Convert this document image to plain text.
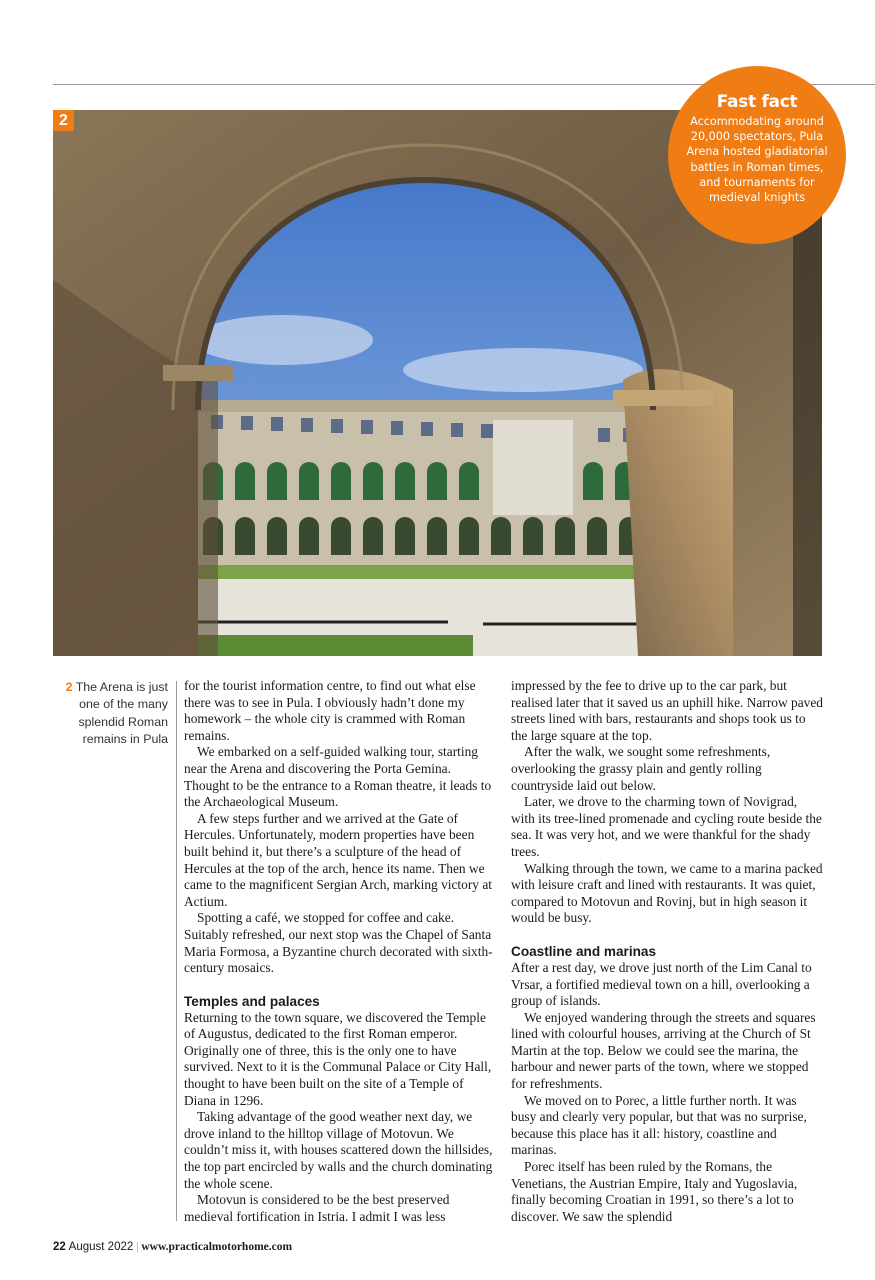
2
Fast fact
Accommodating around
20,000 spectators, Pula
Arena hosted gladiatorial
battles in Roman times,
and tournaments for
medieval knights
2 The Arena is just one of the many splendid Roman remains in Pula

for the tourist information centre, to find out what else there was to see in Pula. I obviously hadn’t done my homework – the whole city is crammed with Roman remains.

We embarked on a self-guided walking tour, starting near the Arena and discovering the Porta Gemina. Thought to be the entrance to a Roman theatre, it leads to the Archaeological Museum.

A few steps further and we arrived at the Gate of Hercules. Unfortunately, modern properties have been built behind it, but there’s a sculpture of the head of Hercules at the top of the arch, hence its name. Then we came to the magnificent Sergian Arch, marking victory at Actium.

Spotting a café, we stopped for coffee and cake. Suitably refreshed, our next stop was the Chapel of Santa Maria Formosa, a Byzantine church decorated with sixth-century mosaics.

Temples and palaces

Returning to the town square, we discovered the Temple of Augustus, dedicated to the first Roman emperor. Originally one of three, this is the only one to have survived. Next to it is the Communal Palace or City Hall, thought to have been built on the site of a Temple of Diana in 1296.

Taking advantage of the good weather next day, we drove inland to the hilltop village of Motovun. We couldn’t miss it, with houses scattered down the hillsides, the top part encircled by walls and the church dominating the whole scene.

Motovun is considered to be the best preserved medieval fortification in Istria. I admit I was less

impressed by the fee to drive up to the car park, but realised later that it saved us an uphill hike. Narrow paved streets lined with bars, restaurants and shops took us to the large square at the top.

After the walk, we sought some refreshments, overlooking the grassy plain and gently rolling countryside laid out below.

Later, we drove to the charming town of Novigrad, with its tree-lined promenade and cycling route beside the sea. It was very hot, and we were thankful for the shady trees.

Walking through the town, we came to a marina packed with leisure craft and lined with restaurants. It was quiet, compared to Motovun and Rovinj, but in high season it would be busy.

Coastline and marinas

After a rest day, we drove just north of the Lim Canal to Vrsar, a fortified medieval town on a hill, overlooking a group of islands.

We enjoyed wandering through the streets and squares lined with colourful houses, arriving at the Church of St Martin at the top. Below we could see the marina, the harbour and newer parts of the town, where we stopped for refreshments.

We moved on to Porec, a little further north. It was busy and clearly very popular, but that was no surprise, because this place has it all: history, coastline and marinas.

Porec itself has been ruled by the Romans, the Venetians, the Austrian Empire, Italy and Yugoslavia, finally becoming Croatian in 1991, so there’s a lot to discover. We saw the splendid

22 August 2022 | www.practicalmotorhome.com
